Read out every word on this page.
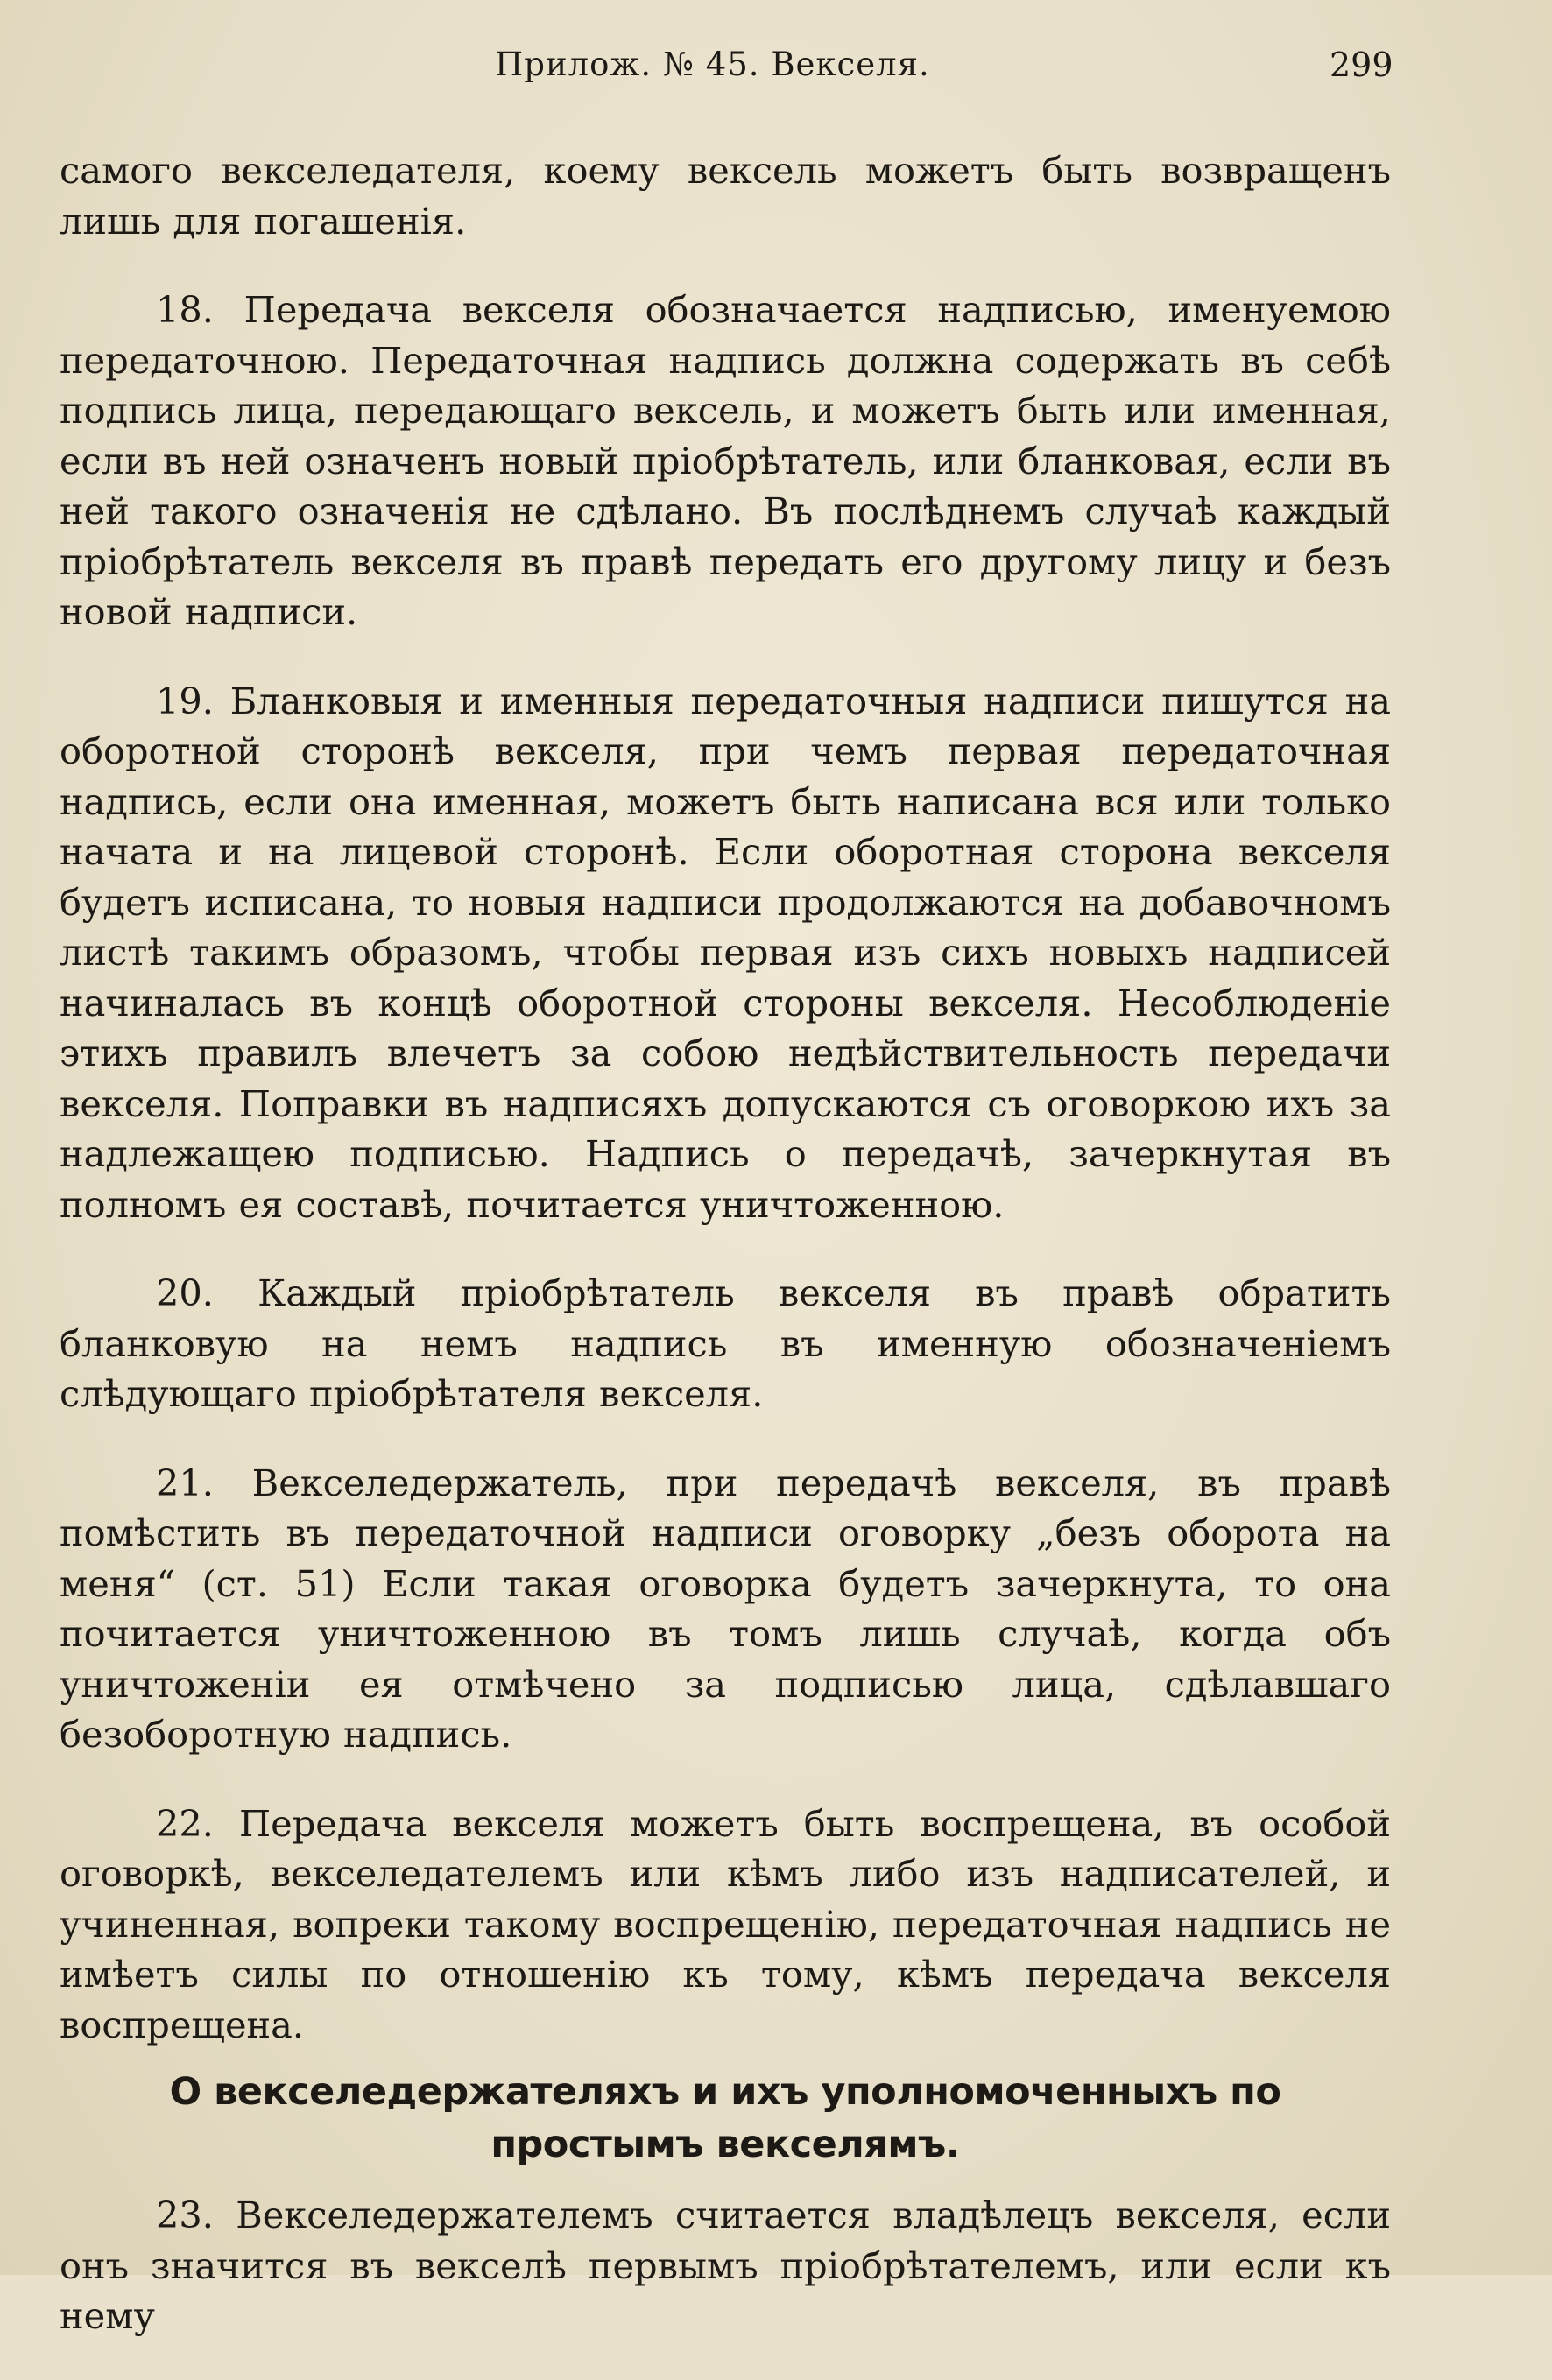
Прилож. № 45. Векселя.	299

самого векселедателя, коему вексель можетъ быть возвращенъ лишь для погашенія.

18. Передача векселя обозначается надписью, именуемою передаточною. Передаточная надпись должна содержать въ себѣ подпись лица, передающаго вексель, и можетъ быть или именная, если въ ней означенъ новый пріобрѣтатель, или бланковая, если въ ней такого означенія не сдѣлано. Въ послѣднемъ случаѣ каждый пріобрѣтатель векселя въ правѣ передать его другому лицу и безъ новой надписи.

19. Бланковыя и именныя передаточныя надписи пишутся на оборотной сторонѣ векселя, при чемъ первая передаточная надпись, если она именная, можетъ быть написана вся или только начата и на лицевой сторонѣ. Если оборотная сторона векселя будетъ исписана, то новыя надписи продолжаются на добавочномъ листѣ такимъ образомъ, чтобы первая изъ сихъ новыхъ надписей начиналась въ концѣ оборотной стороны векселя. Несоблюденіе этихъ правилъ влечетъ за собою недѣйствительность передачи векселя. Поправки въ надписяхъ допускаются съ оговоркою ихъ за надлежащею подписью. Надпись о передачѣ, зачеркнутая въ полномъ ея составѣ, почитается уничтоженною.

20. Каждый пріобрѣтатель векселя въ правѣ обратить бланковую на немъ надпись въ именную обозначеніемъ слѣдующаго пріобрѣтателя векселя.

21. Векселедержатель, при передачѣ векселя, въ правѣ помѣстить въ передаточной надписи оговорку „безъ оборота на меня“ (ст. 51) Если такая оговорка будетъ зачеркнута, то она почитается уничтоженною въ томъ лишь случаѣ, когда объ уничтоженіи ея отмѣчено за подписью лица, сдѣлавшаго безоборотную надпись.

22. Передача векселя можетъ быть воспрещена, въ особой оговоркѣ, векселедателемъ или кѣмъ либо изъ надписателей, и учиненная, вопреки такому воспрещенію, передаточная надпись не имѣетъ силы по отношенію къ тому, кѣмъ передача векселя воспрещена.

О векселедержателяхъ и ихъ уполномоченныхъ по простымъ векселямъ.

23. Векселедержателемъ считается владѣлецъ векселя, если онъ значится въ векселѣ первымъ пріобрѣтателемъ, или если къ нему
